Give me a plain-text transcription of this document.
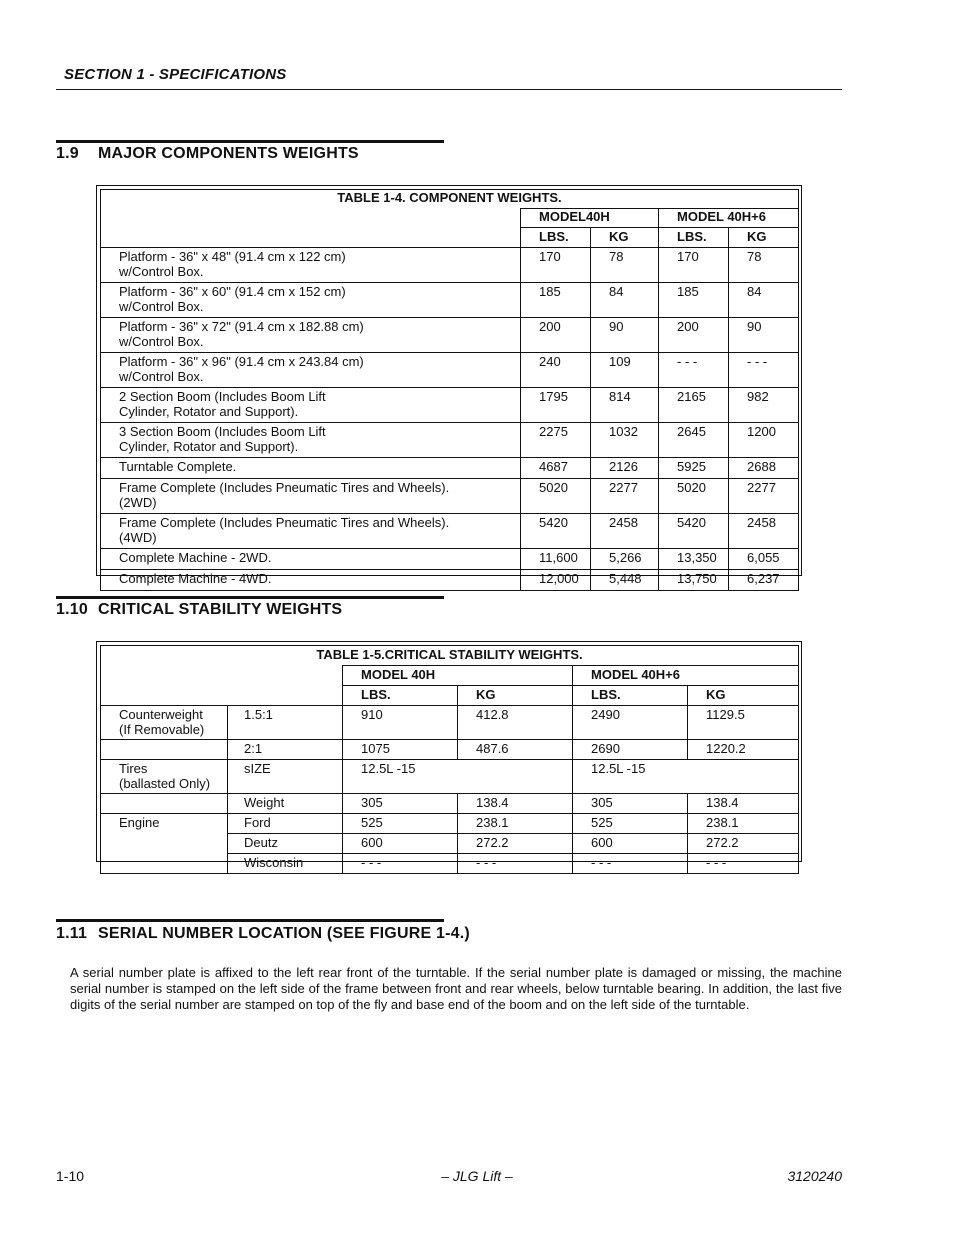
SECTION 1 - SPECIFICATIONS
1.9 MAJOR COMPONENTS WEIGHTS
TABLE 1-4. COMPONENT WEIGHTS.				
	MODEL40H		MODEL 40H+6	
	LBS.	KG	LBS.	KG
Platform - 36" x 48" (91.4 cm x 122 cm)
w/Control Box.	170	78	170	78
Platform - 36" x 60" (91.4 cm x 152 cm)
w/Control Box.	185	84	185	84
Platform - 36" x 72" (91.4 cm x 182.88 cm)
w/Control Box.	200	90	200	90
Platform - 36" x 96" (91.4 cm x 243.84 cm)
w/Control Box.	240	109	- - -	- - -
2 Section Boom (Includes Boom Lift
Cylinder, Rotator and Support).	1795	814	2165	982
3 Section Boom (Includes Boom Lift
Cylinder, Rotator and Support).	2275	1032	2645	1200
Turntable Complete.	4687	2126	5925	2688
Frame Complete (Includes Pneumatic Tires and Wheels).
(2WD)	5020	2277	5020	2277
Frame Complete (Includes Pneumatic Tires and Wheels).
(4WD)	5420	2458	5420	2458
Complete Machine - 2WD.	11,600	5,266	13,350	6,055
Complete Machine - 4WD.	12,000	5,448	13,750	6,237
1.10 CRITICAL STABILITY WEIGHTS
TABLE 1-5.CRITICAL STABILITY WEIGHTS.					
		MODEL 40H		MODEL 40H+6	
		LBS.	KG	LBS.	KG
Counterweight
(If Removable)	1.5:1	910	412.8	2490	1129.5
	2:1	1075	487.6	2690	1220.2
Tires
(ballasted Only)	sIZE	12.5L -15		12.5L -15	
	Weight	305	138.4	305	138.4
Engine	Ford	525	238.1	525	238.1
	Deutz	600	272.2	600	272.2
	Wisconsin	- - -	- - -	- - -	- - -
1.11 SERIAL NUMBER LOCATION (SEE FIGURE 1-4.)
A serial number plate is affixed to the left rear front of the turntable. If the serial number plate is damaged or missing, the machine serial number is stamped on the left side of the frame between front and rear wheels, below turntable bearing. In addition, the last five digits of the serial number are stamped on top of the fly and base end of the boom and on the left side of the turntable.
1-10	– JLG Lift –	3120240
